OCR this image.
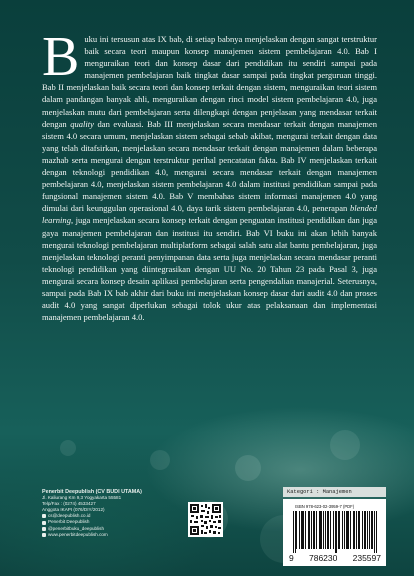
Buku ini tersusun atas IX bab, di setiap babnya menjelaskan dengan sangat terstruktur baik secara teori maupun konsep manajemen sistem pembelajaran 4.0. Bab I menguraikan teori dan konsep dasar dari pendidikan itu sendiri sampai pada manajemen pembelajaran baik tingkat dasar sampai pada tingkat perguruan tinggi. Bab II menjelaskan baik secara teori dan konsep terkait dengan sistem, menguraikan teori sistem dalam pandangan banyak ahli, menguraikan dengan rinci model sistem pembelajaran 4.0, juga menjelaskan mutu dari pembelajaran serta dilengkapi dengan penjelasan yang mendasar terkait dengan quality dan evaluasi. Bab III menjelaskan secara mendasar terkait dengan manajemen sistem 4.0 secara umum, menjelaskan sistem sebagai sebab akibat, mengurai terkait dengan data yang telah ditafsirkan, menjelaskan secara mendasar terkait dengan manajemen dalam beberapa mazhab serta mengurai dengan terstruktur perihal pencatatan fakta. Bab IV menjelaskan terkait dengan teknologi pendidikan 4.0, mengurai secara mendasar terkait dengan manajemen pembelajaran 4.0, menjelaskan sistem pembelajaran 4.0 dalam institusi pendidikan sampai pada fungsional manajemen sistem 4.0. Bab V membahas sistem informasi manajemen 4.0 yang dimulai dari keunggulan operasional 4.0, daya tarik sistem pembelajaran 4.0, penerapan blended learning, juga menjelaskan secara konsep terkait dengan penguatan institusi pendidikan dan juga gaya manajemen pembelajaran dan institusi itu sendiri. Bab VI buku ini akan lebih banyak mengurai teknologi pembelajaran multiplatform sebagai salah satu alat bantu pembelajaran, juga menjelaskan teknologi peranti penyimpanan data serta juga menjelaskan secara mendasar peranti teknologi pendidikan yang diintegrasikan dengan UU No. 20 Tahun 23 pada Pasal 3, juga mengurai secara konsep desain aplikasi pembelajaran serta pengendalian manajerial. Seterusnya, sampai pada Bab IX bab akhir dari buku ini menjelaskan konsep dasar dari audit 4.0 dan proses audit 4.0 yang sangat diperlukan sebagai tolok ukur atas pelaksanaan dan implementasi manajemen pembelajaran 4.0.

Penerbit Deepublish (CV BUDI UTAMA)
Jl. Kaliurang Km 9,3 Yogyakarta 55581
Telp/Fax : (0274) 4533427
Anggota IKAPI (076/DIY/2012)
cs@deepublish.co.id
Penerbit Deepublish
@penerbitbuku_deepublish
www.penerbitdeepublish.com
Kategori : Manajemen
ISBN 978-623-02-3959-7 (PDF)
9 786230 235597
